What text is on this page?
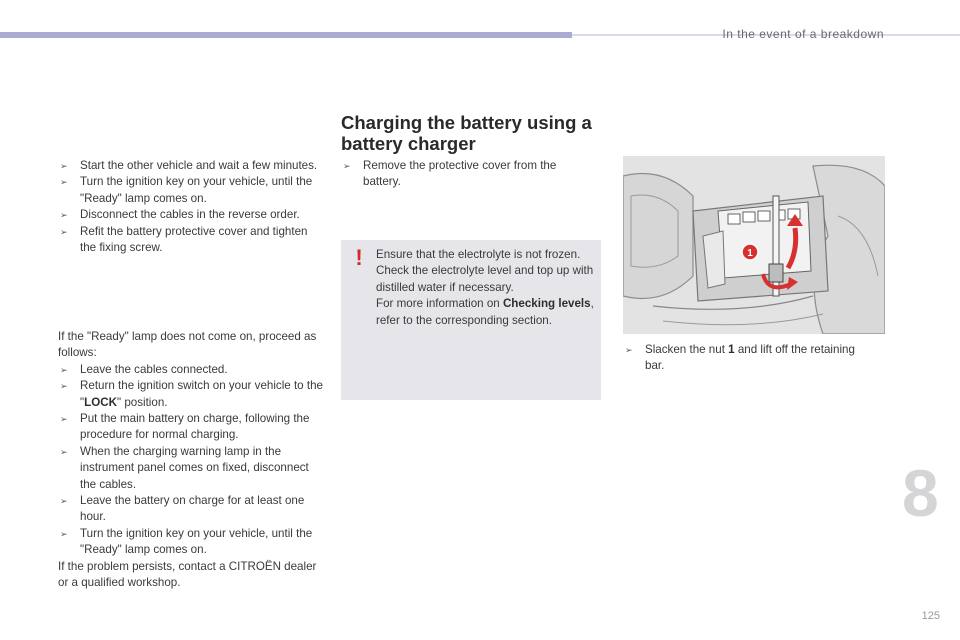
In the event of a breakdown
➢ Start the other vehicle and wait a few minutes.
➢ Turn the ignition key on your vehicle, until the "Ready" lamp comes on.
➢ Disconnect the cables in the reverse order.
➢ Refit the battery protective cover and tighten the fixing screw.
If the "Ready" lamp does not come on, proceed as follows:
➢ Leave the cables connected.
➢ Return the ignition switch on your vehicle to the "LOCK" position.
➢ Put the main battery on charge, following the procedure for normal charging.
➢ When the charging warning lamp in the instrument panel comes on fixed, disconnect the cables.
➢ Leave the battery on charge for at least one hour.
➢ Turn the ignition key on your vehicle, until the "Ready" lamp comes on.
If the problem persists, contact a CITROËN dealer or a qualified workshop.
Charging the battery using a battery charger
➢ Remove the protective cover from the battery.
!	Ensure that the electrolyte is not frozen. Check the electrolyte level and top up with distilled water if necessary.
For more information on Checking levels, refer to the corresponding section.
1
➢ Slacken the nut 1 and lift off the retaining bar.
8
125
